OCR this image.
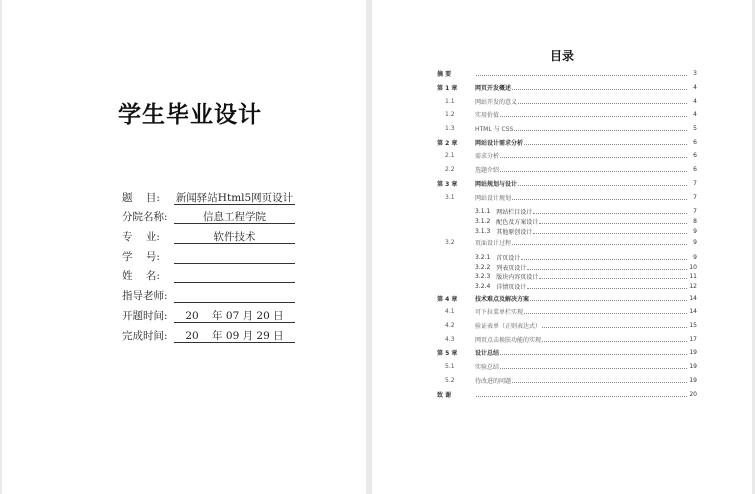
学生毕业设计
题    目:	新闻驿站Html5网页设计
分院名称:	信息工程学院
专    业:	软件技术
学    号:
姓    名:
指导老师:
开题时间:	20    年 07 月 20 日
完成时间:	20    年 09 月 29 日
目录
摘 要	3
第 1 章	网页开发概述	4
1.1	网站开发的意义	4
1.2	实用价值	4
1.3	HTML 与 CSS	5
第 2 章	网站设计需求分析	6
2.1	需求分析	6
2.2	选题介绍	6
第 3 章	网站规划与设计	7
3.1	网站设计规划	7
3.1.1 网站栏目设计	7
3.1.2 配色及方案设计	8
3.1.3 其他原创设计	9
3.2	页面设计过程	9
3.2.1 首页设计	9
3.2.2 列表页设计	10
3.2.3 版块内容页设计	11
3.2.4 详情页设计	12
第 4 章	技术难点及解决方案	14
4.1	可下拉菜单栏实现	14
4.2	验证表单（正则表达式）	15
4.3	网页点击换肤功能的实现	17
第 5 章	设计总结	19
5.1	实验总结	19
5.2	待改进的问题	19
致 谢	20
